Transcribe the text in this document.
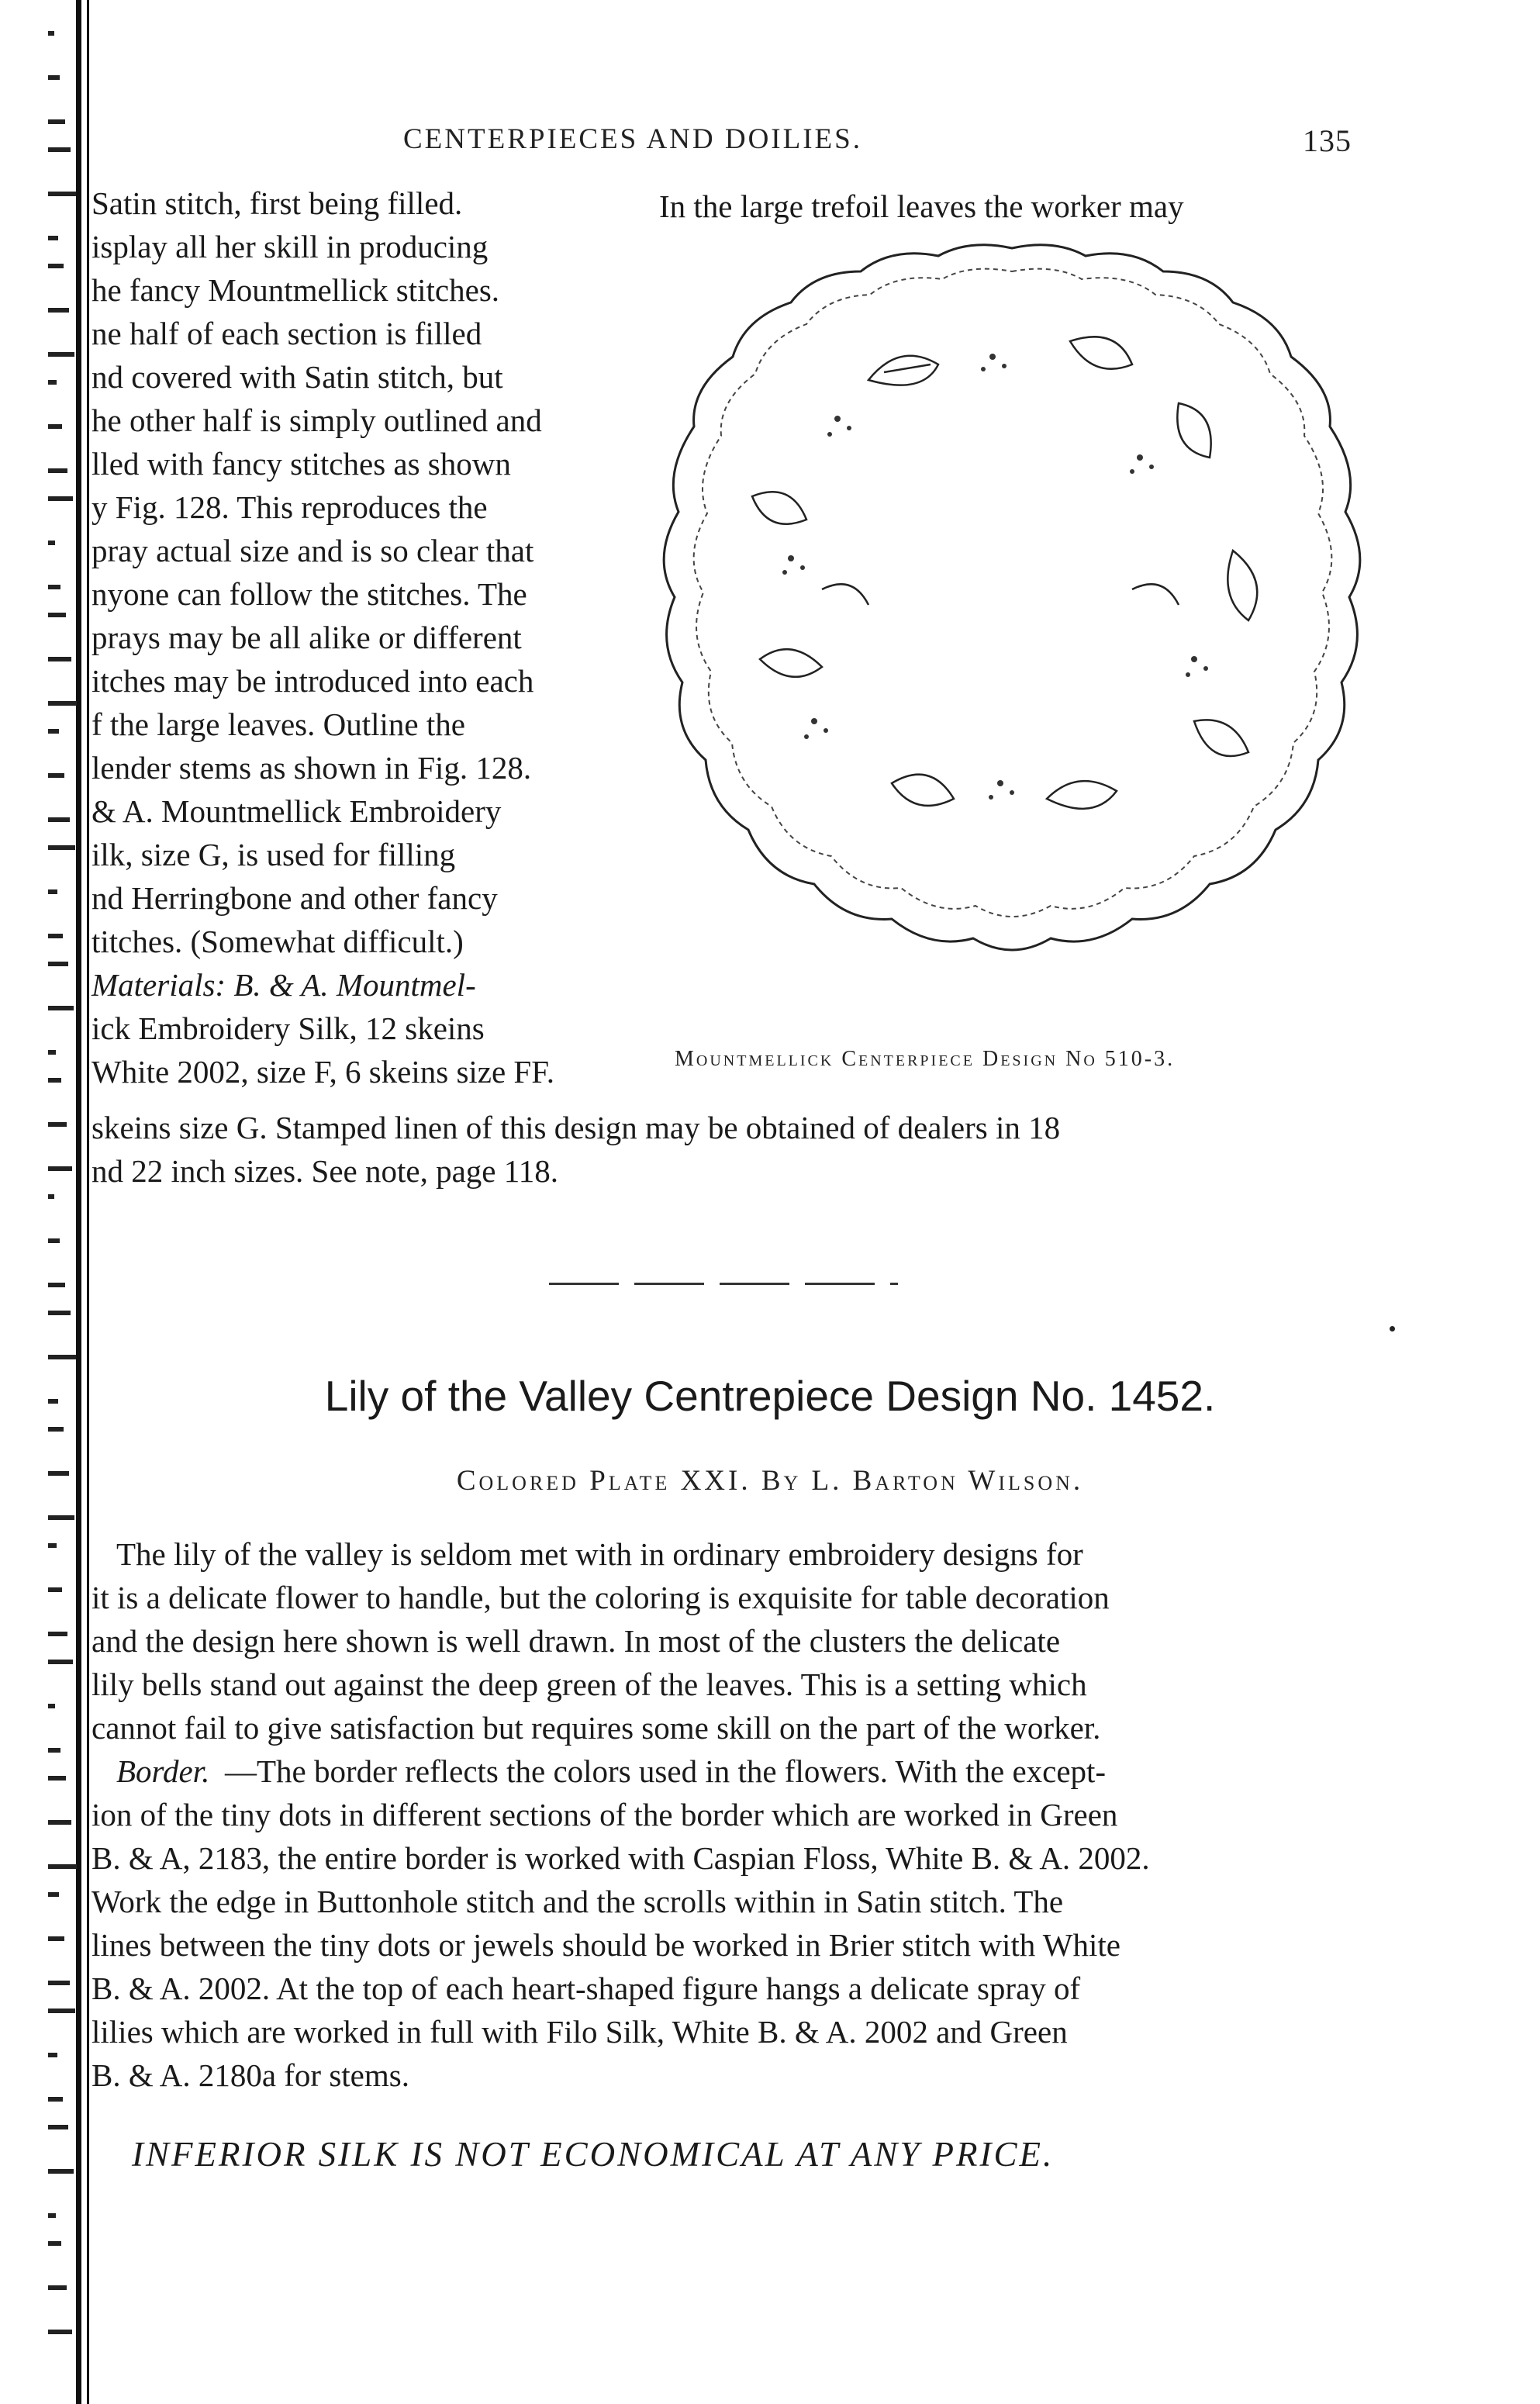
CENTERPIECES AND DOILIES.	135
Satin stitch, first being filled.
isplay all her skill in producing
he fancy Mountmellick stitches.
ne half of each section is filled
nd covered with Satin stitch, but
he other half is simply outlined and
lled with fancy stitches as shown
y Fig. 128. This reproduces the
pray actual size and is so clear that
nyone can follow the stitches. The
prays may be all alike or different
itches may be introduced into each
f the large leaves. Outline the
lender stems as shown in Fig. 128.
& A. Mountmellick Embroidery
ilk, size G, is used for filling
nd Herringbone and other fancy
titches. (Somewhat difficult.)
Materials: B. & A. Mountmel-
ick Embroidery Silk, 12 skeins
White 2002, size F, 6 skeins size FF.
In the large trefoil leaves the worker may
Mountmellick Centerpiece Design No 510-3.
skeins size G. Stamped linen of this design may be obtained of dealers in 18
nd 22 inch sizes. See note, page 118.
Lily of the Valley Centrepiece Design No. 1452.
Colored Plate XXI. By L. Barton Wilson.
The lily of the valley is seldom met with in ordinary embroidery designs for
it is a delicate flower to handle, but the coloring is exquisite for table decoration
and the design here shown is well drawn. In most of the clusters the delicate
lily bells stand out against the deep green of the leaves. This is a setting which
cannot fail to give satisfaction but requires some skill on the part of the worker.
Border. —The border reflects the colors used in the flowers. With the except-
ion of the tiny dots in different sections of the border which are worked in Green
B. & A, 2183, the entire border is worked with Caspian Floss, White B. & A. 2002.
Work the edge in Buttonhole stitch and the scrolls within in Satin stitch. The
lines between the tiny dots or jewels should be worked in Brier stitch with White
B. & A. 2002. At the top of each heart-shaped figure hangs a delicate spray of
lilies which are worked in full with Filo Silk, White B. & A. 2002 and Green
B. & A. 2180a for stems.
INFERIOR SILK IS NOT ECONOMICAL AT ANY PRICE.
